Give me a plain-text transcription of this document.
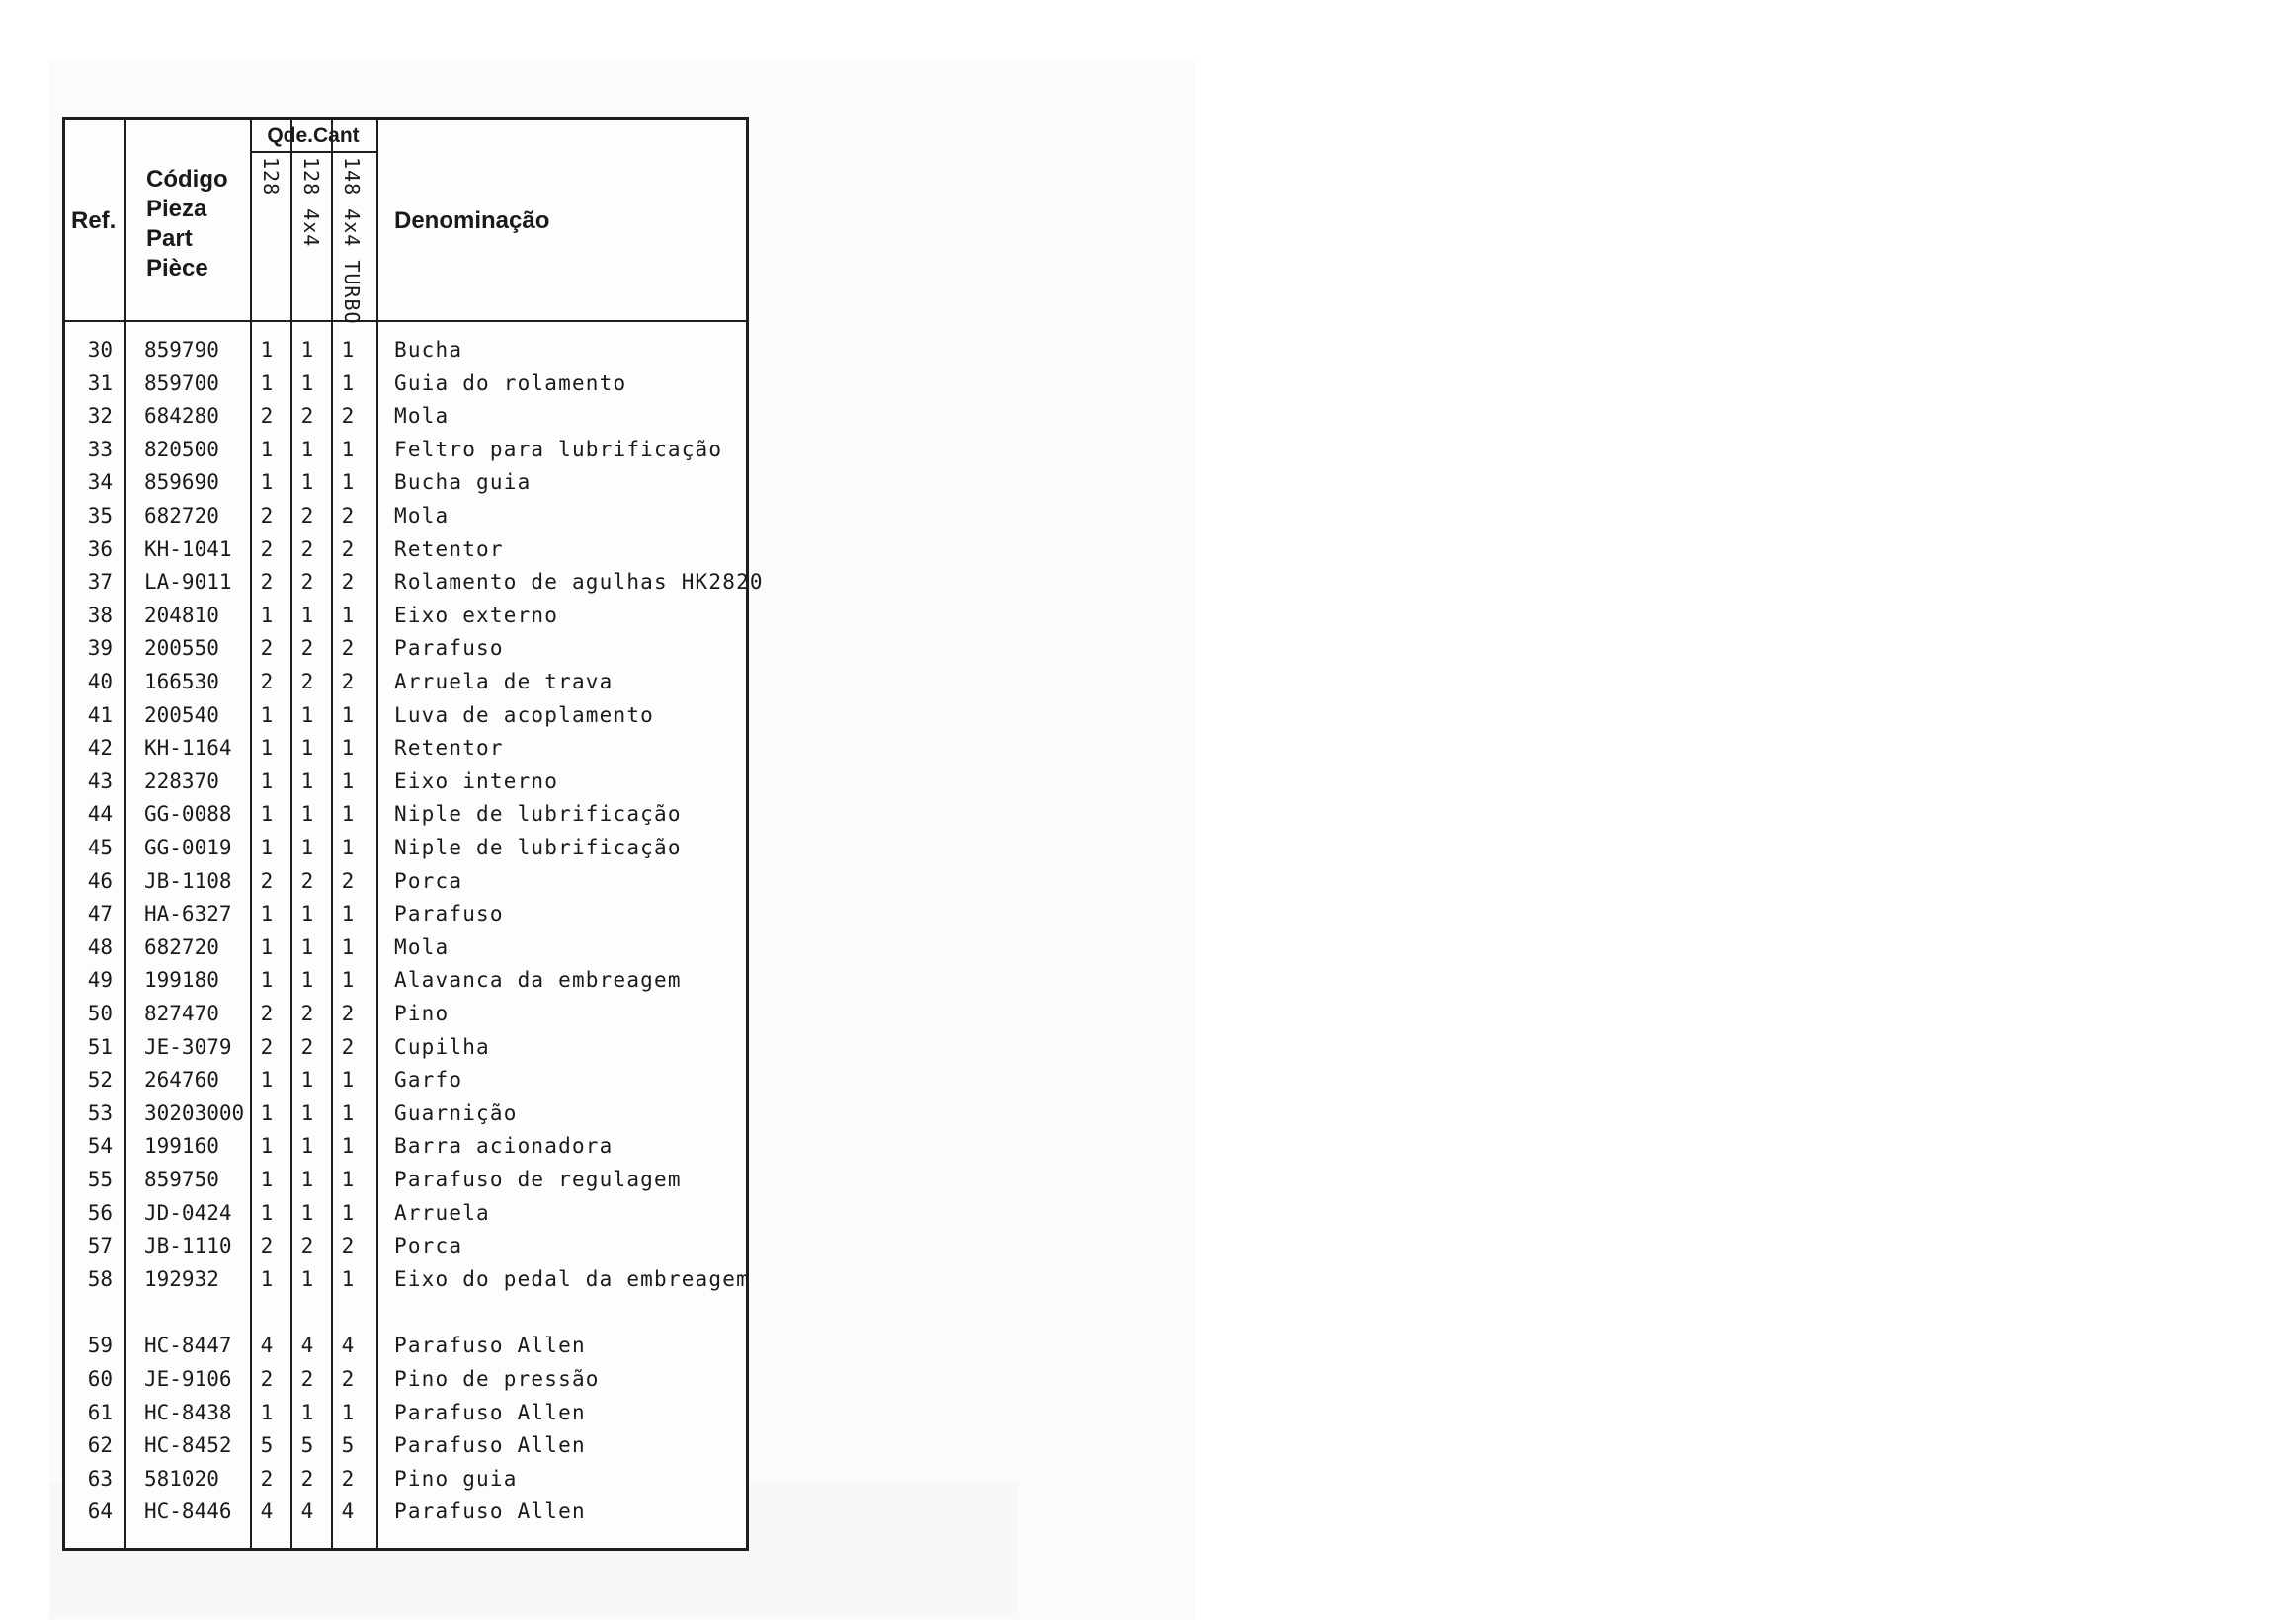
Ref.
Código
Pieza
Part
Pièce
Qde.Cant
128 128 4x4 148 4x4 TURBO Denominação
30 859790 1 1 1 Bucha
31 859700 1 1 1 Guia do rolamento
32 684280 2 2 2 Mola
33 820500 1 1 1 Feltro para lubrificação
34 859690 1 1 1 Bucha guia
35 682720 2 2 2 Mola
36 KH-1041 2 2 2 Retentor
37 LA-9011 2 2 2 Rolamento de agulhas HK2820
38 204810 1 1 1 Eixo externo
39 200550 2 2 2 Parafuso
40 166530 2 2 2 Arruela de trava
41 200540 1 1 1 Luva de acoplamento
42 KH-1164 1 1 1 Retentor
43 228370 1 1 1 Eixo interno
44 GG-0088 1 1 1 Niple de lubrificação
45 GG-0019 1 1 1 Niple de lubrificação
46 JB-1108 2 2 2 Porca
47 HA-6327 1 1 1 Parafuso
48 682720 1 1 1 Mola
49 199180 1 1 1 Alavanca da embreagem
50 827470 2 2 2 Pino
51 JE-3079 2 2 2 Cupilha
52 264760 1 1 1 Garfo
53 30203000 1 1 1 Guarnição
54 199160 1 1 1 Barra acionadora
55 859750 1 1 1 Parafuso de regulagem
56 JD-0424 1 1 1 Arruela
57 JB-1110 2 2 2 Porca
58 192932 1 1 1 Eixo do pedal da embreagem
59 HC-8447 4 4 4 Parafuso Allen
60 JE-9106 2 2 2 Pino de pressão
61 HC-8438 1 1 1 Parafuso Allen
62 HC-8452 5 5 5 Parafuso Allen
63 581020 2 2 2 Pino guia
64 HC-8446 4 4 4 Parafuso Allen
